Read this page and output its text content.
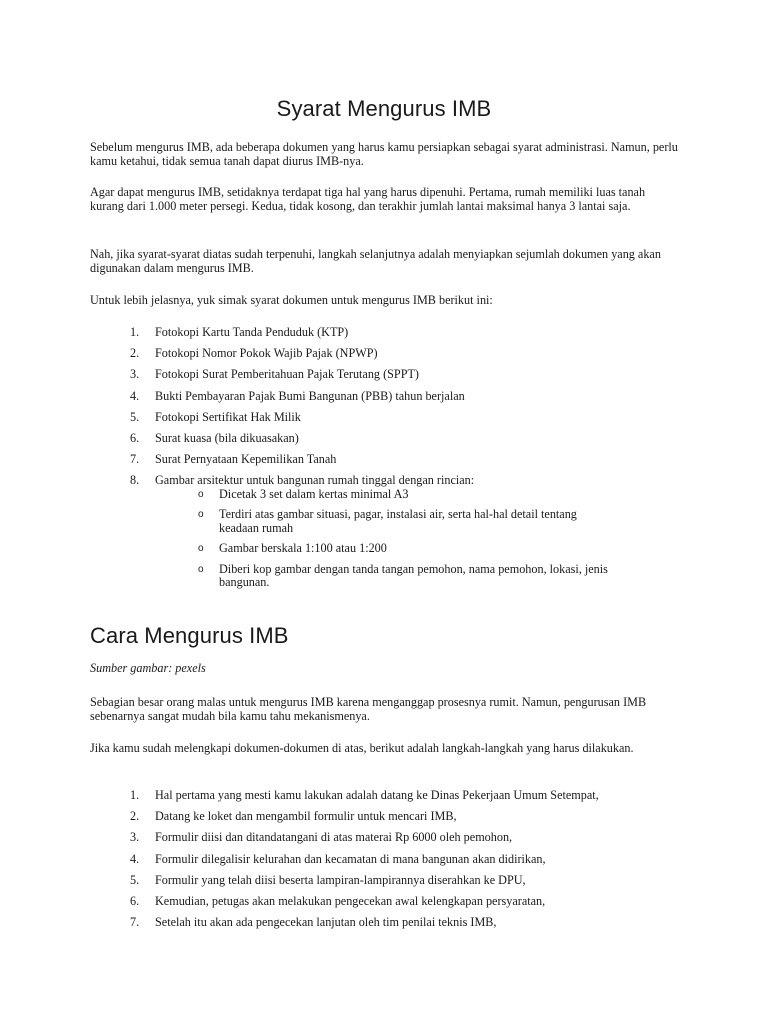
Syarat Mengurus IMB

Sebelum mengurus IMB, ada beberapa dokumen yang harus kamu persiapkan sebagai syarat administrasi. Namun, perlu kamu ketahui, tidak semua tanah dapat diurus IMB-nya.

Agar dapat mengurus IMB, setidaknya terdapat tiga hal yang harus dipenuhi. Pertama, rumah memiliki luas tanah kurang dari 1.000 meter persegi. Kedua, tidak kosong, dan terakhir jumlah lantai maksimal hanya 3 lantai saja.

Nah, jika syarat-syarat diatas sudah terpenuhi, langkah selanjutnya adalah menyiapkan sejumlah dokumen yang akan digunakan dalam mengurus IMB.

Untuk lebih jelasnya, yuk simak syarat dokumen untuk mengurus IMB berikut ini:

1. Fotokopi Kartu Tanda Penduduk (KTP)
2. Fotokopi Nomor Pokok Wajib Pajak (NPWP)
3. Fotokopi Surat Pemberitahuan Pajak Terutang (SPPT)
4. Bukti Pembayaran Pajak Bumi Bangunan (PBB) tahun berjalan
5. Fotokopi Sertifikat Hak Milik
6. Surat kuasa (bila dikuasakan)
7. Surat Pernyataan Kepemilikan Tanah
8. Gambar arsitektur untuk bangunan rumah tinggal dengan rincian:
o Dicetak 3 set dalam kertas minimal A3
o Terdiri atas gambar situasi, pagar, instalasi air, serta hal-hal detail tentang keadaan rumah
o Gambar berskala 1:100 atau 1:200
o Diberi kop gambar dengan tanda tangan pemohon, nama pemohon, lokasi, jenis bangunan.
Cara Mengurus IMB

Sumber gambar: pexels

Sebagian besar orang malas untuk mengurus IMB karena menganggap prosesnya rumit. Namun, pengurusan IMB sebenarnya sangat mudah bila kamu tahu mekanismenya.

Jika kamu sudah melengkapi dokumen-dokumen di atas, berikut adalah langkah-langkah yang harus dilakukan.

1. Hal pertama yang mesti kamu lakukan adalah datang ke Dinas Pekerjaan Umum Setempat,
2. Datang ke loket dan mengambil formulir untuk mencari IMB,
3. Formulir diisi dan ditandatangani di atas materai Rp 6000 oleh pemohon,
4. Formulir dilegalisir kelurahan dan kecamatan di mana bangunan akan didirikan,
5. Formulir yang telah diisi beserta lampiran-lampirannya diserahkan ke DPU,
6. Kemudian, petugas akan melakukan pengecekan awal kelengkapan persyaratan,
7. Setelah itu akan ada pengecekan lanjutan oleh tim penilai teknis IMB,
